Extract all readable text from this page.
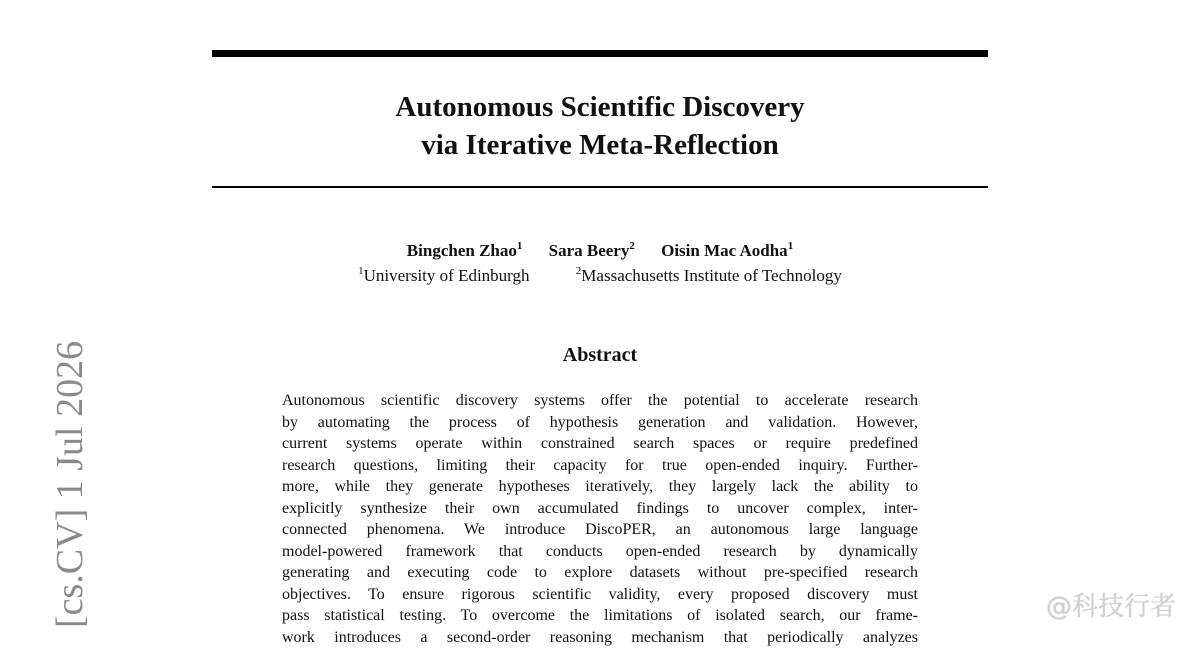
Autonomous Scientific Discovery
via Iterative Meta-Reflection
Bingchen Zhao$^1$ Sara Beery$^2$ Oisin Mac Aodha$^1$
$^1$University of Edinburgh	$^2$Massachusetts Institute of Technology
Abstract
Autonomous scientific discovery systems offer the potential to accelerate research
by automating the process of hypothesis generation and validation. However,
current systems operate within constrained search spaces or require predefined
research questions, limiting their capacity for true open-ended inquiry. Further-
more, while they generate hypotheses iteratively, they largely lack the ability to
explicitly synthesize their own accumulated findings to uncover complex, inter-
connected phenomena. We introduce DiscoPER, an autonomous large language
model-powered framework that conducts open-ended research by dynamically
generating and executing code to explore datasets without pre-specified research
objectives. To ensure rigorous scientific validity, every proposed discovery must
pass statistical testing. To overcome the limitations of isolated search, our frame-
work introduces a second-order reasoning mechanism that periodically analyzes
[cs.CV] 1 Jul 2026	@科技行者
